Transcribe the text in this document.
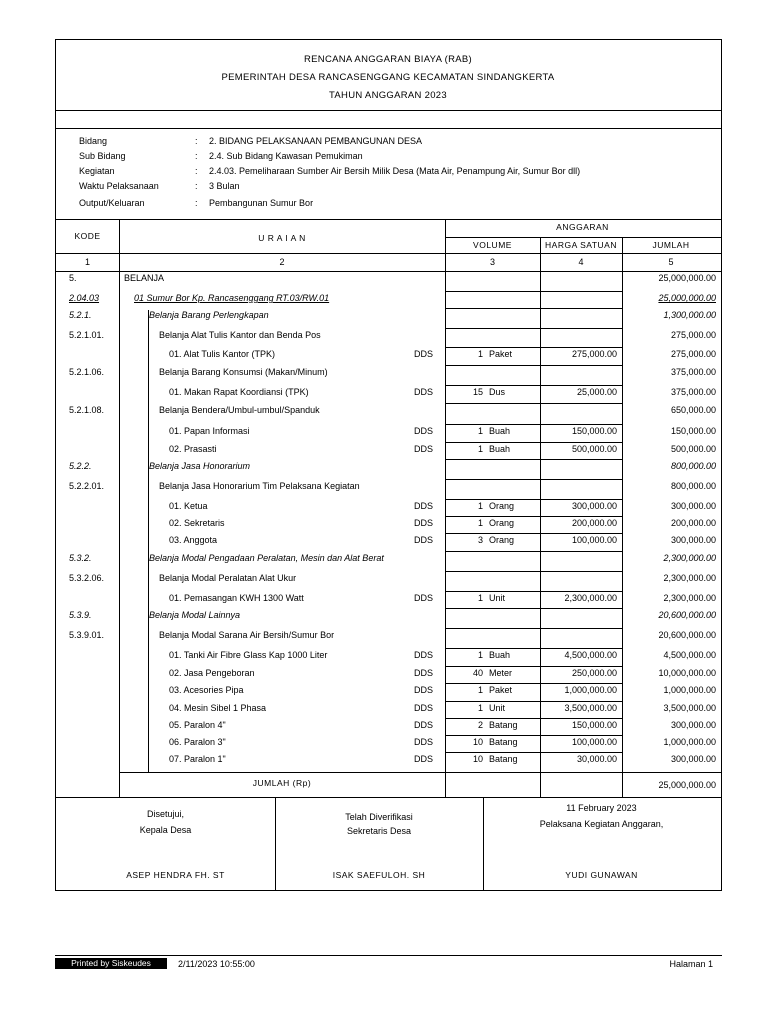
RENCANA ANGGARAN BIAYA (RAB)
PEMERINTAH DESA RANCASENGGANG KECAMATAN SINDANGKERTA
TAHUN ANGGARAN 2023
Bidang	: 2. BIDANG PELAKSANAAN PEMBANGUNAN DESA
Sub Bidang	: 2.4. Sub Bidang Kawasan Pemukiman
Kegiatan	: 2.4.03. Pemeliharaan Sumber Air Bersih Milik Desa (Mata Air, Penampung Air, Sumur Bor dll)
Waktu Pelaksanaan	: 3 Bulan
Output/Keluaran	: Pembangunan Sumur Bor
KODE	U R A I A N
ANGGARAN
VOLUME	HARGA SATUAN	JUMLAH
1	2	3	4	5
5.	BELANJA	25,000,000.00
2.04.03	01 Sumur Bor Kp. Rancasenggang RT.03/RW.01	25,000,000.00
5.2.1.	Belanja Barang Perlengkapan	1,300,000.00
5.2.1.01.	Belanja Alat Tulis Kantor dan Benda Pos	275,000.00
01. Alat Tulis Kantor (TPK)	DDS	1 Paket	275,000.00	275,000.00
5.2.1.06.	Belanja Barang Konsumsi (Makan/Minum)	375,000.00
01. Makan Rapat Koordiansi (TPK)	DDS	15 Dus	25,000.00	375,000.00
5.2.1.08.	Belanja Bendera/Umbul-umbul/Spanduk	650,000.00
01. Papan Informasi	DDS	1 Buah	150,000.00	150,000.00
02. Prasasti	DDS	1 Buah	500,000.00	500,000.00
5.2.2.	Belanja Jasa Honorarium	800,000.00
5.2.2.01.	Belanja Jasa Honorarium Tim Pelaksana Kegiatan	800,000.00
01. Ketua	DDS	1 Orang	300,000.00	300,000.00
02. Sekretaris	DDS	1 Orang	200,000.00	200,000.00
03. Anggota	DDS	3 Orang	100,000.00	300,000.00
5.3.2.	Belanja Modal Pengadaan Peralatan, Mesin dan Alat Berat	2,300,000.00
5.3.2.06.	Belanja Modal Peralatan Alat Ukur	2,300,000.00
01. Pemasangan KWH 1300 Watt	DDS	1 Unit	2,300,000.00	2,300,000.00
5.3.9.	Belanja Modal Lainnya	20,600,000.00
5.3.9.01.	Belanja Modal Sarana Air Bersih/Sumur Bor	20,600,000.00
01. Tanki Air Fibre Glass Kap 1000 Liter	DDS	1 Buah	4,500,000.00	4,500,000.00
02. Jasa Pengeboran	DDS	40 Meter	250,000.00	10,000,000.00
03. Acesories Pipa	DDS	1 Paket	1,000,000.00	1,000,000.00
04. Mesin Sibel 1 Phasa	DDS	1 Unit	3,500,000.00	3,500,000.00
05. Paralon 4"	DDS	2 Batang	150,000.00	300,000.00
06. Paralon 3"	DDS	10 Batang	100,000.00	1,000,000.00
07. Paralon 1"	DDS	10 Batang	30,000.00	300,000.00
JUMLAH (Rp)	25,000,000.00
Disetujui,
Kepala Desa
ASEP HENDRA FH. ST
Telah Diverifikasi
Sekretaris Desa
ISAK SAEFULOH. SH
11 February 2023
Pelaksana Kegiatan Anggaran,
YUDI GUNAWAN
Printed by Siskeudes	2/11/2023 10:55:00	Halaman 1
